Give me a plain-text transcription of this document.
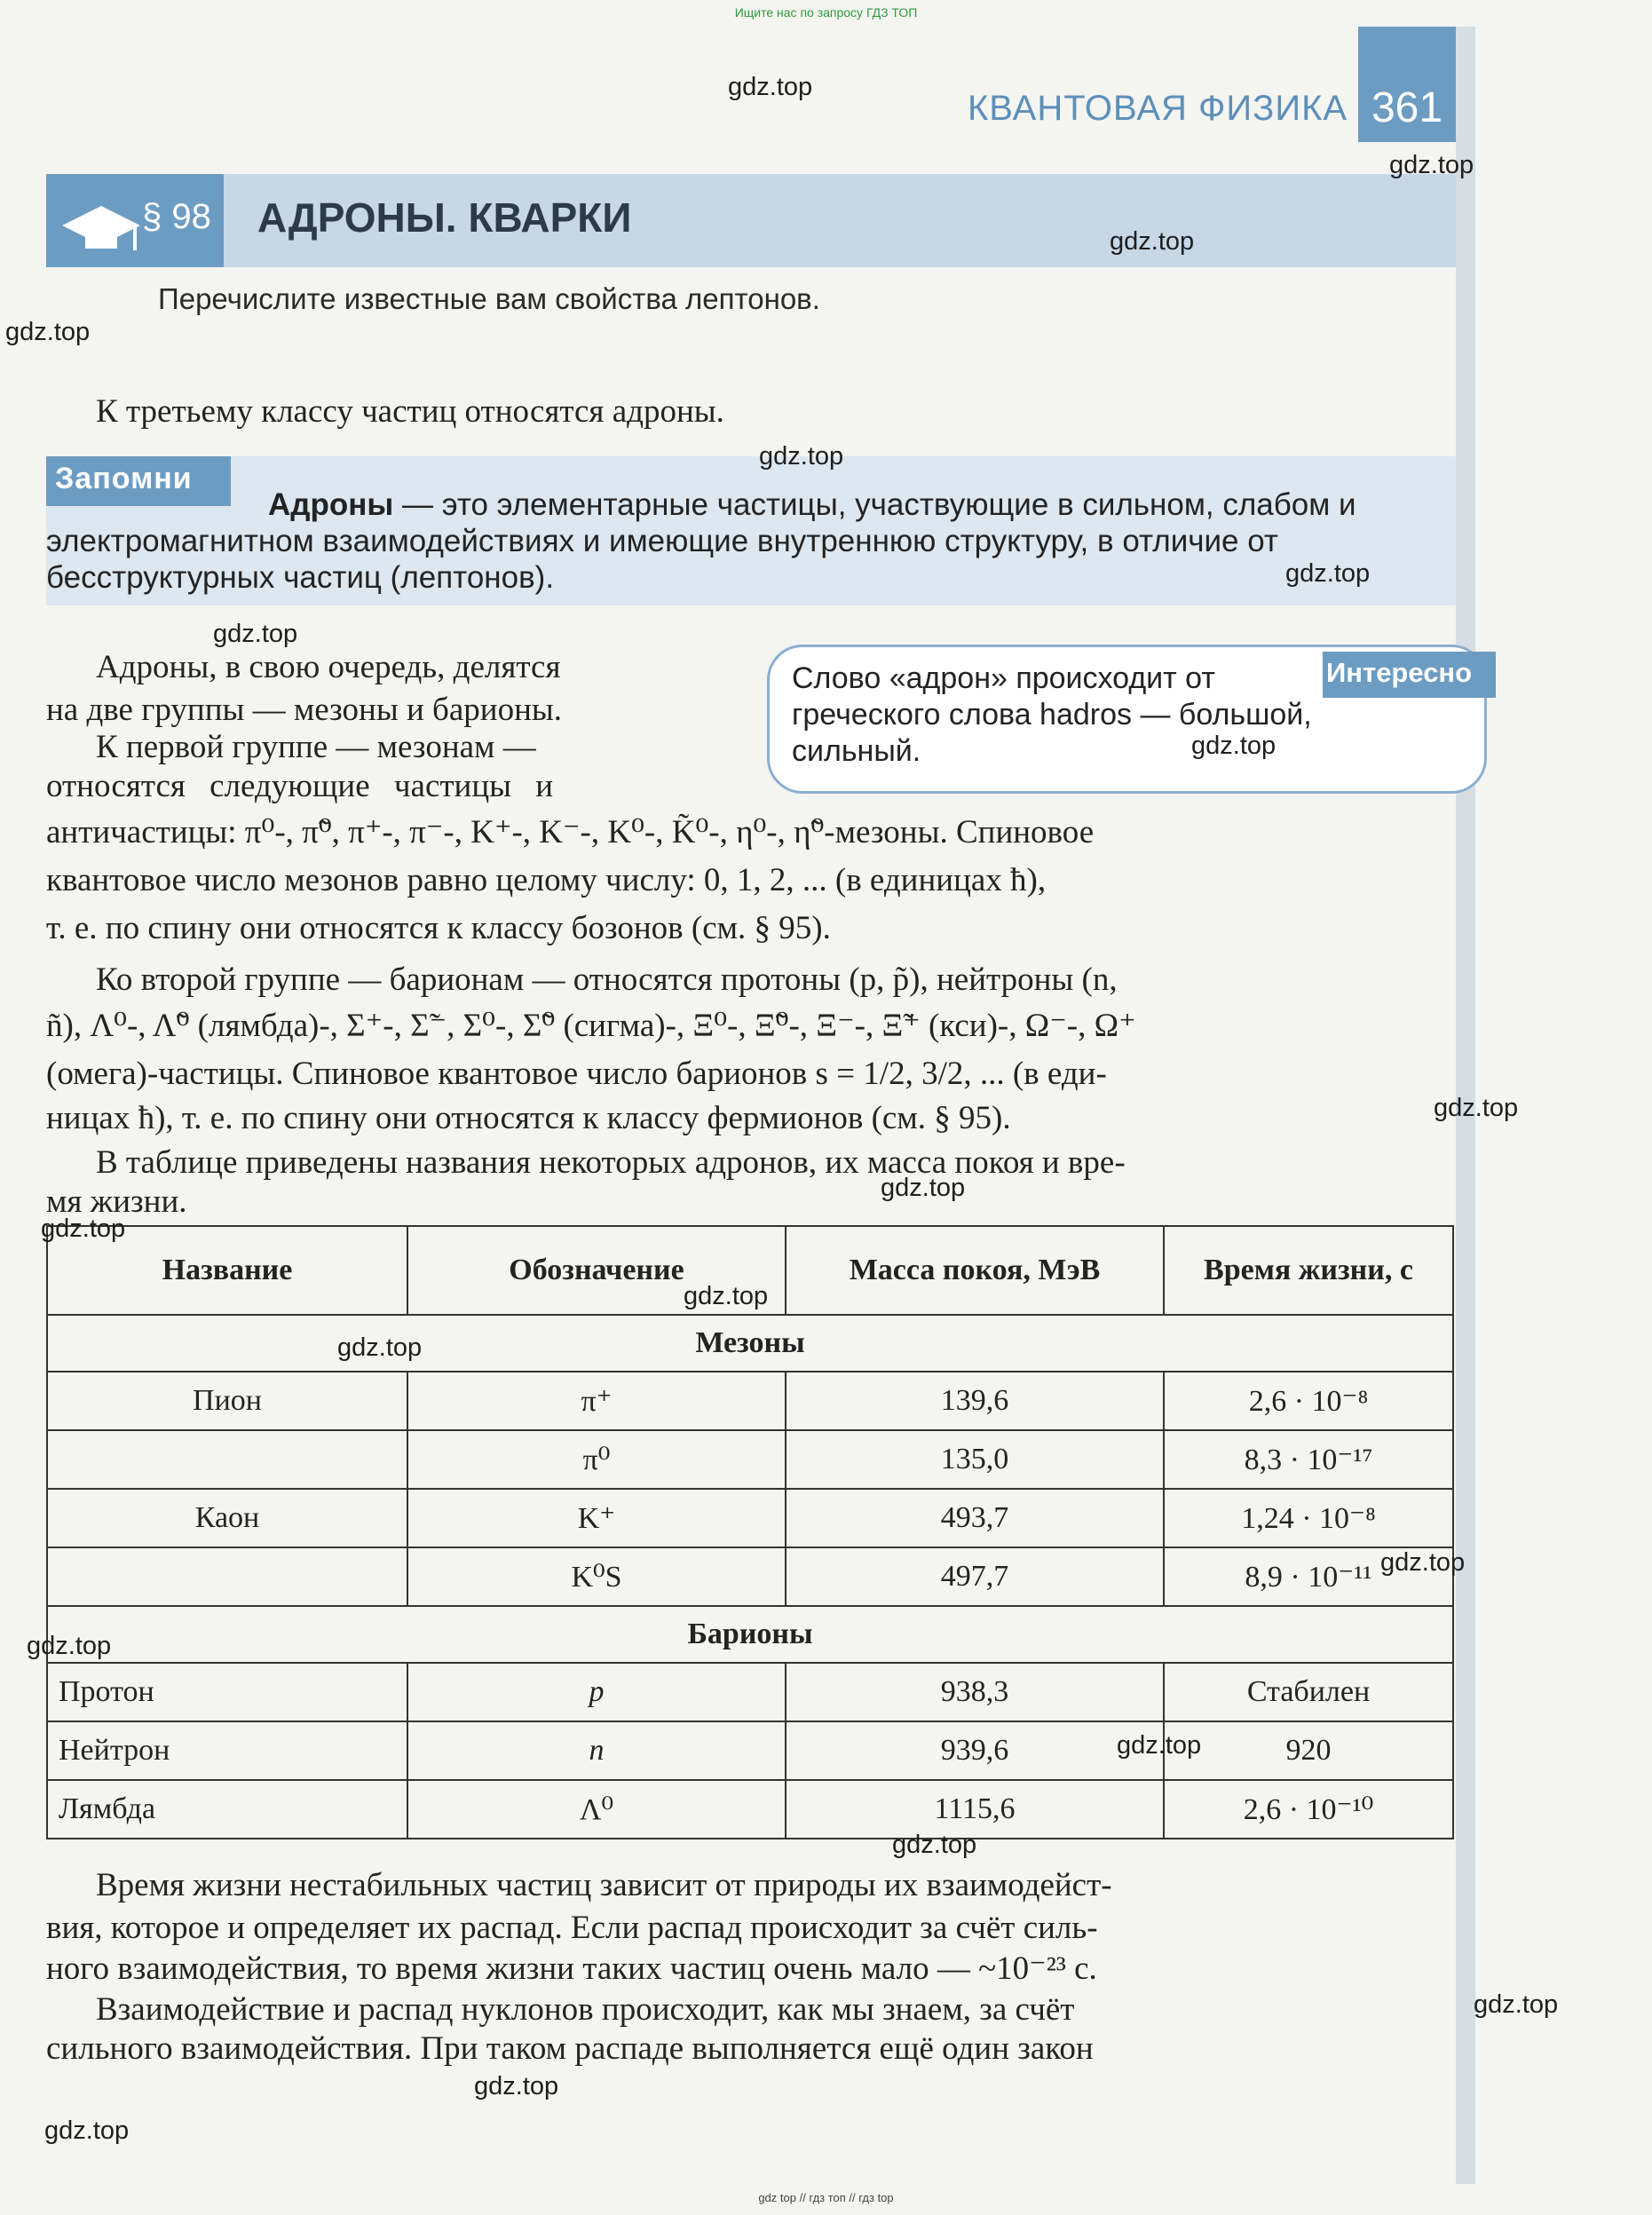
Ищите нас по запросу ГДЗ ТОП
361
КВАНТОВАЯ ФИЗИКА
§ 98 АДРОНЫ. КВАРКИ
Перечислите известные вам свойства лептонов.
К третьему классу частиц относятся адроны.
Запомни
Адроны — это элементарные частицы, участвующие в сильном, слабом и электромагнитном взаимодействиях и имеющие внутреннюю структуру, в отличие от бесструктурных частиц (лептонов).
Интересно
Слово «адрон» происходит от греческого слова hadros — большой, сильный.
Адроны, в свою очередь, делятся
на две группы — мезоны и барионы.
К первой группе — мезонам —
относятся следующие частицы и
античастицы: π⁰-, π̃⁰, π⁺-, π⁻-, K⁺-, K⁻-, K⁰-, K̃⁰-, η⁰-, η̃⁰-мезоны. Спиновое
квантовое число мезонов равно целому числу: 0, 1, 2, ... (в единицах ħ),
т. е. по спину они относятся к классу бозонов (см. § 95).
Ко второй группе — барионам — относятся протоны (p, p̃), нейтроны (n,
ñ), Λ⁰-, Λ̃⁰ (лямбда)-, Σ⁺-, Σ̃⁻, Σ⁰-, Σ̃⁰ (сигма)-, Ξ⁰-, Ξ̃⁰-, Ξ⁻-, Ξ̃⁺ (кси)-, Ω⁻-, Ω⁺
(омега)-частицы. Спиновое квантовое число барионов s = 1/2, 3/2, ... (в еди-
ницах ħ), т. е. по спину они относятся к классу фермионов (см. § 95).
В таблице приведены названия некоторых адронов, их масса покоя и вре-
мя жизни.
Название	Обозначение	Масса покоя, МэВ	Время жизни, с
Мезоны			
Пион	π⁺	139,6	2,6 · 10⁻⁸
	π⁰	135,0	8,3 · 10⁻¹⁷
Каон	K⁺	493,7	1,24 · 10⁻⁸
	K⁰S	497,7	8,9 · 10⁻¹¹
Барионы			
Протон	p	938,3	Стабилен
Нейтрон	n	939,6	920
Лямбда	Λ⁰	1115,6	2,6 · 10⁻¹⁰
Время жизни нестабильных частиц зависит от природы их взаимодейст-
вия, которое и определяет их распад. Если распад происходит за счёт силь-
ного взаимодействия, то время жизни таких частиц очень мало — ~10⁻²³ с.
Взаимодействие и распад нуклонов происходит, как мы знаем, за счёт
сильного взаимодействия. При таком распаде выполняется ещё один закон
gdz.top
gdz.top
gdz.top
gdz.top
gdz.top
gdz.top
gdz.top
gdz.top
gdz.top
gdz.top
gdz.top
gdz.top
gdz.top
gdz.top
gdz.top
gdz.top
gdz.top
gdz.top
gdz.top
gdz.top
gdz top // гдз топ // гдз top
